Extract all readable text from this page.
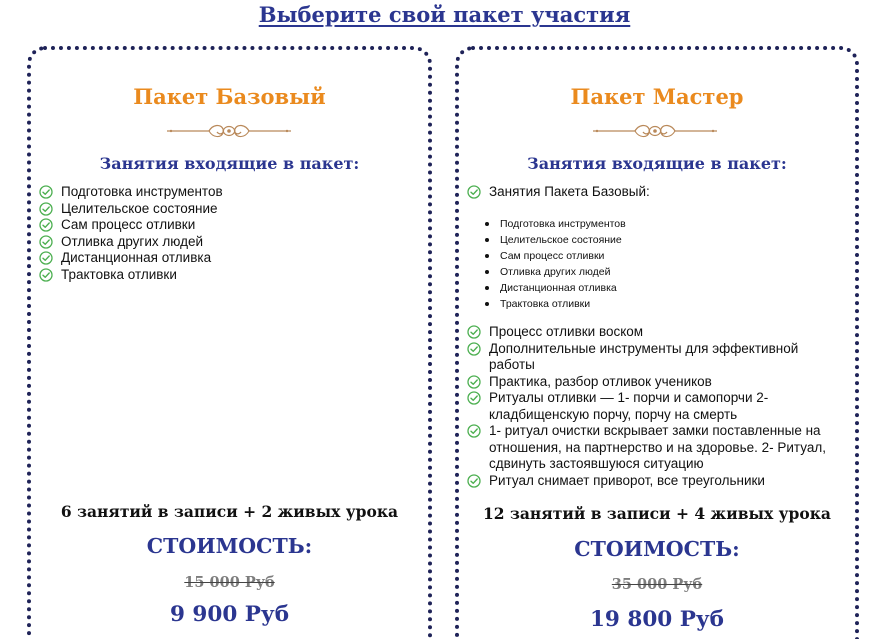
Выберите свой пакет участия
Пакет Базовый
Занятия входящие в пакет:
Подготовка инструментов
Целительское состояние
Сам процесс отливки
Отливка других людей
Дистанционная отливка
Трактовка отливки
6 занятий в записи + 2 живых урока
СТОИМОСТЬ:
15 000 Руб
9 900 Руб
Пакет Мастер
Занятия входящие в пакет:
Занятия Пакета Базовый:
Подготовка инструментов
Целительское состояние
Сам процесс отливки
Отливка других людей
Дистанционная отливка
Трактовка отливки
Процесс отливки воском
Дополнительные инструменты для эффективной работы
Практика, разбор отливок учеников
Ритуалы отливки — 1- порчи и самопорчи 2- кладбищенскую порчу, порчу на смерть
1- ритуал очистки вскрывает замки поставленные на отношения, на партнерство и на здоровье. 2- Ритуал, сдвинуть застоявшуюся ситуацию
Ритуал снимает приворот, все треугольники
12 занятий в записи + 4 живых урока
СТОИМОСТЬ:
35 000 Руб
19 800 Руб
